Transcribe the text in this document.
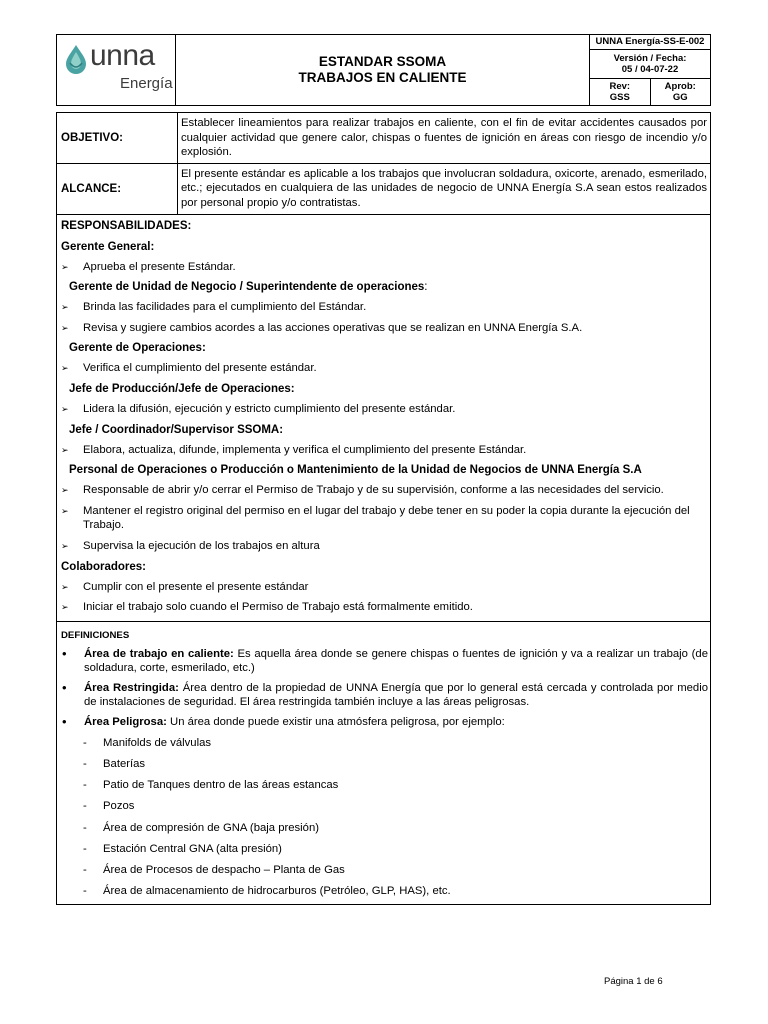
unna
Energía
ESTANDAR SSOMA
TRABAJOS EN CALIENTE
UNNA Energía-SS-E-002
Versión / Fecha:
05 / 04-07-22
Rev:
GSS
Aprob:
GG
OBJETIVO:
Establecer lineamientos para realizar trabajos en caliente, con el fin de evitar accidentes causados por cualquier actividad que genere calor, chispas o fuentes de ignición en áreas con riesgo de incendio y/o explosión.
ALCANCE:
El presente estándar es aplicable a los trabajos que involucran soldadura, oxicorte, arenado, esmerilado, etc.; ejecutados en cualquiera de las unidades de negocio de UNNA Energía S.A sean estos realizados por personal propio y/o contratistas.
RESPONSABILIDADES:
Gerente General:
➢	Aprueba el presente Estándar.
Gerente de Unidad de Negocio / Superintendente de operaciones:
➢	Brinda las facilidades para el cumplimiento del Estándar.
➢	Revisa y sugiere cambios acordes a las acciones operativas que se realizan en UNNA Energía S.A.
Gerente de Operaciones:
➢	Verifica el cumplimiento del presente estándar.
Jefe de Producción/Jefe de Operaciones:
➢	Lidera la difusión, ejecución y estricto cumplimiento del presente estándar.
Jefe / Coordinador/Supervisor SSOMA:
➢	Elabora, actualiza, difunde, implementa y verifica el cumplimiento del presente Estándar.
Personal de Operaciones o Producción o Mantenimiento de la Unidad de Negocios de UNNA Energía S.A
➢	Responsable de abrir y/o cerrar el Permiso de Trabajo y de su supervisión, conforme a las necesidades del servicio.
➢	Mantener el registro original del permiso en el lugar del trabajo y debe tener en su poder la copia durante la ejecución del Trabajo.
➢	Supervisa la ejecución de los trabajos en altura
Colaboradores:
➢	Cumplir con el presente el presente estándar
➢	Iniciar el trabajo solo cuando el Permiso de Trabajo está formalmente emitido.
DEFINICIONES
•	Área de trabajo en caliente: Es aquella área donde se genere chispas o fuentes de ignición y va a realizar un trabajo (de soldadura, corte, esmerilado, etc.)
•	Área Restringida: Área dentro de la propiedad de UNNA Energía que por lo general está cercada y controlada por medio de instalaciones de seguridad. El área restringida también incluye a las áreas peligrosas.
•	Área Peligrosa: Un área donde puede existir una atmósfera peligrosa, por ejemplo:
-	Manifolds de válvulas
-	Baterías
-	Patio de Tanques dentro de las áreas estancas
-	Pozos
-	Área de compresión de GNA (baja presión)
-	Estación Central GNA (alta presión)
-	Área de Procesos de despacho – Planta de Gas
-	Área de almacenamiento de hidrocarburos (Petróleo, GLP, HAS), etc.
Página 1 de 6
